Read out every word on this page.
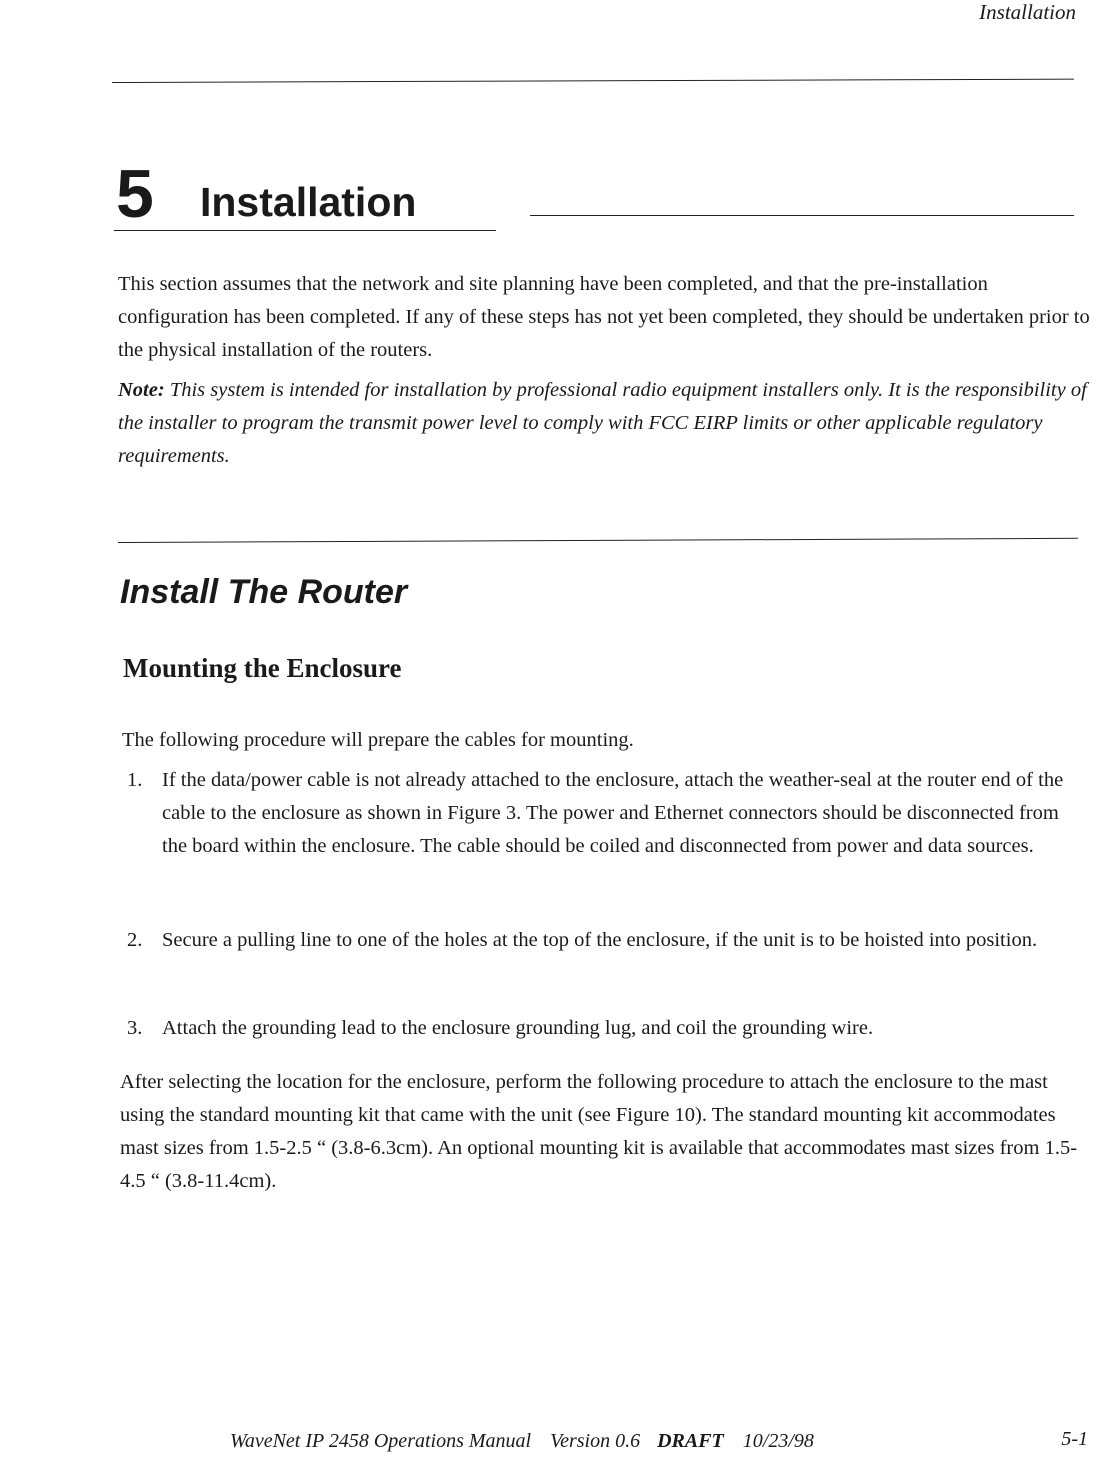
Installation
5 Installation

This section assumes that the network and site planning have been completed, and that the pre-installation configuration has been completed. If any of these steps has not yet been completed, they should be undertaken prior to the physical installation of the routers.

Note: This system is intended for installation by professional radio equipment installers only. It is the responsibility of the installer to program the transmit power level to comply with FCC EIRP limits or other applicable regulatory requirements.

Install The Router
Mounting the Enclosure

The following procedure will prepare the cables for mounting.

1. If the data/power cable is not already attached to the enclosure, attach the weather-seal at the router end of the cable to the enclosure as shown in Figure 3. The power and Ethernet connectors should be disconnected from the board within the enclosure. The cable should be coiled and disconnected from power and data sources.
2. Secure a pulling line to one of the holes at the top of the enclosure, if the unit is to be hoisted into position.
3. Attach the grounding lead to the enclosure grounding lug, and coil the grounding wire.

After selecting the location for the enclosure, perform the following procedure to attach the enclosure to the mast using the standard mounting kit that came with the unit (see Figure 10). The standard mounting kit accommodates mast sizes from 1.5-2.5 “ (3.8-6.3cm). An optional mounting kit is available that accommodates mast sizes from 1.5-4.5 “ (3.8-11.4cm).

WaveNet IP 2458 Operations Manual Version 0.6 DRAFT 10/23/98	5-1
